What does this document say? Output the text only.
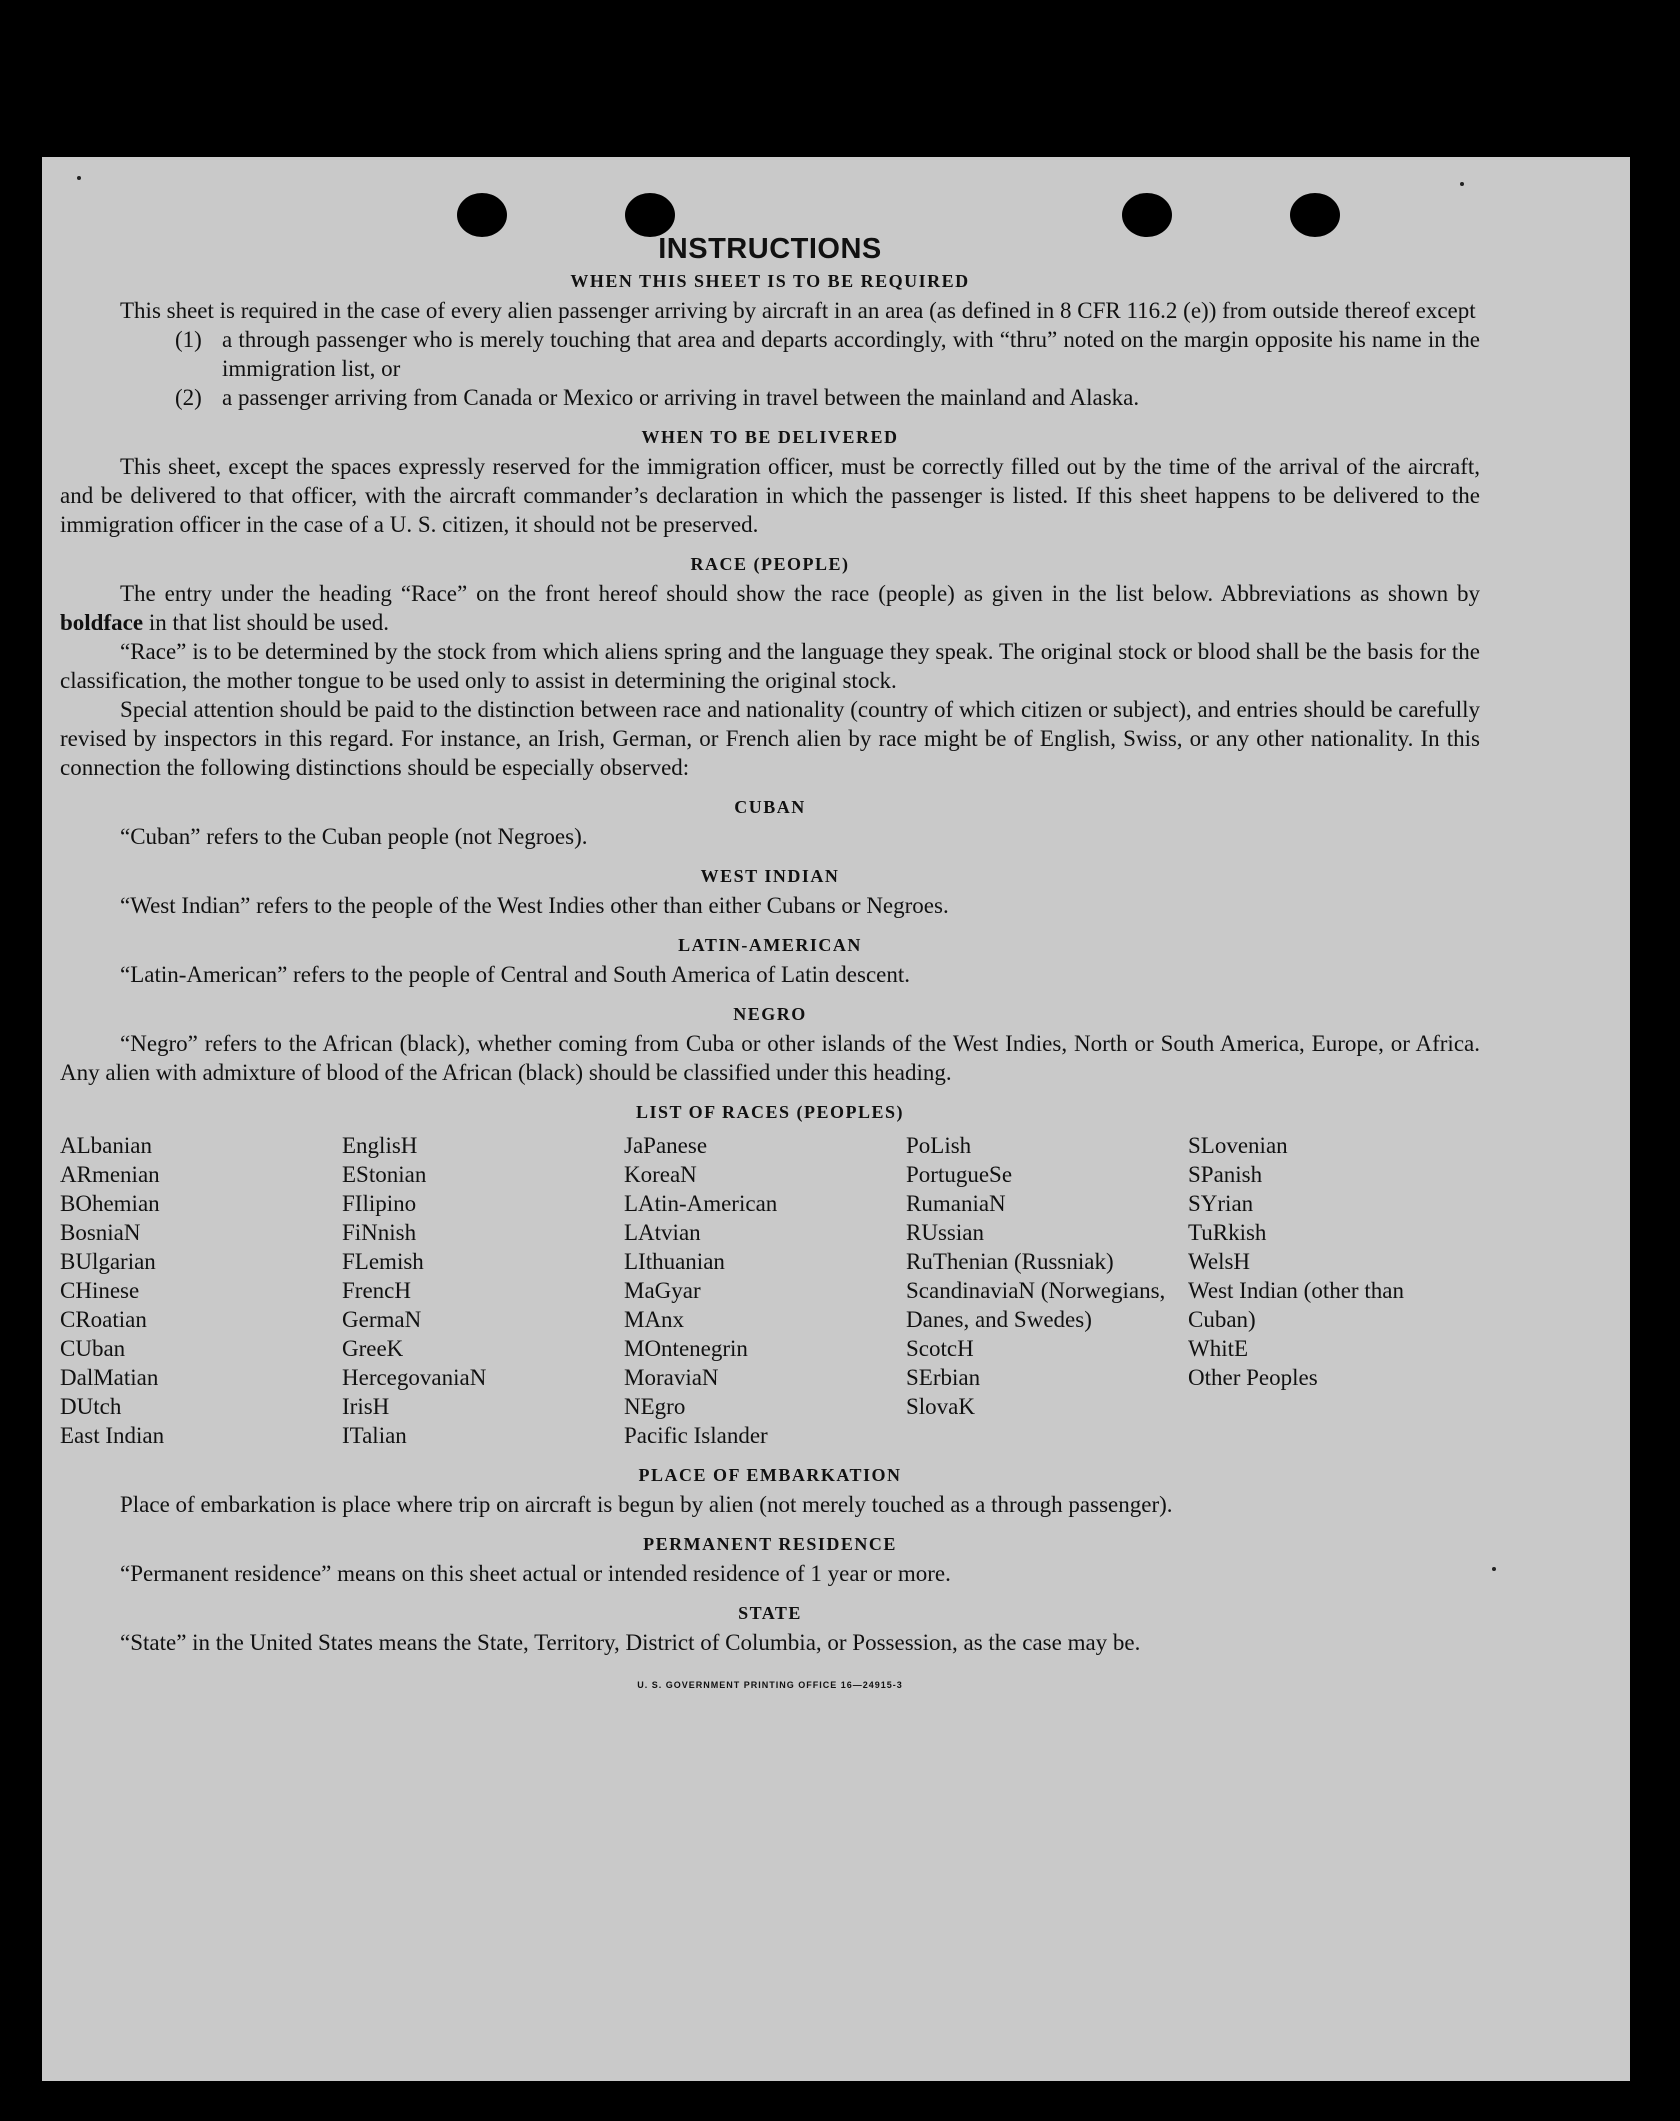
INSTRUCTIONS
WHEN THIS SHEET IS TO BE REQUIRED

This sheet is required in the case of every alien passenger arriving by aircraft in an area (as defined in 8 CFR 116.2 (e)) from outside thereof except

(1) a through passenger who is merely touching that area and departs accordingly, with “thru” noted on the margin opposite his name in the immigration list, or
(2) a passenger arriving from Canada or Mexico or arriving in travel between the mainland and Alaska.
WHEN TO BE DELIVERED

This sheet, except the spaces expressly reserved for the immigration officer, must be correctly filled out by the time of the arrival of the aircraft, and be delivered to that officer, with the aircraft commander’s declaration in which the passenger is listed. If this sheet happens to be delivered to the immigration officer in the case of a U. S. citizen, it should not be preserved.

RACE (PEOPLE)

The entry under the heading “Race” on the front hereof should show the race (people) as given in the list below. Abbreviations as shown by boldface in that list should be used.

“Race” is to be determined by the stock from which aliens spring and the language they speak. The original stock or blood shall be the basis for the classification, the mother tongue to be used only to assist in determining the original stock.

Special attention should be paid to the distinction between race and nationality (country of which citizen or subject), and entries should be carefully revised by inspectors in this regard. For instance, an Irish, German, or French alien by race might be of English, Swiss, or any other nationality. In this connection the following distinctions should be especially observed:

CUBAN

“Cuban” refers to the Cuban people (not Negroes).

WEST INDIAN

“West Indian” refers to the people of the West Indies other than either Cubans or Negroes.

LATIN-AMERICAN

“Latin-American” refers to the people of Central and South America of Latin descent.

NEGRO

“Negro” refers to the African (black), whether coming from Cuba or other islands of the West Indies, North or South America, Europe, or Africa. Any alien with admixture of blood of the African (black) should be classified under this heading.

LIST OF RACES (PEOPLES)
ALbanian
ARmenian
BOhemian
BosniaN
BUlgarian
CHinese
CRoatian
CUban
DalMatian
DUtch
East Indian
EnglisH
EStonian
FIlipino
FiNnish
FLemish
FrencH
GermaN
GreeK
HercegovaniaN
IrisH
ITalian
JaPanese
KoreaN
LAtin-American
LAtvian
LIthuanian
MaGyar
MAnx
MOntenegrin
MoraviaN
NEgro
Pacific Islander
PoLish
PortugueSe
RumaniaN
RUssian
RuThenian (Russniak)
ScandinaviaN (Norwegians, Danes, and Swedes)
ScotcH
SErbian
SlovaK
SLovenian
SPanish
SYrian
TuRkish
WelsH
West Indian (other than Cuban)
WhitE
Other Peoples
PLACE OF EMBARKATION

Place of embarkation is place where trip on aircraft is begun by alien (not merely touched as a through passenger).

PERMANENT RESIDENCE

“Permanent residence” means on this sheet actual or intended residence of 1 year or more.

STATE

“State” in the United States means the State, Territory, District of Columbia, or Possession, as the case may be.

U. S. GOVERNMENT PRINTING OFFICE 16—24915-3
